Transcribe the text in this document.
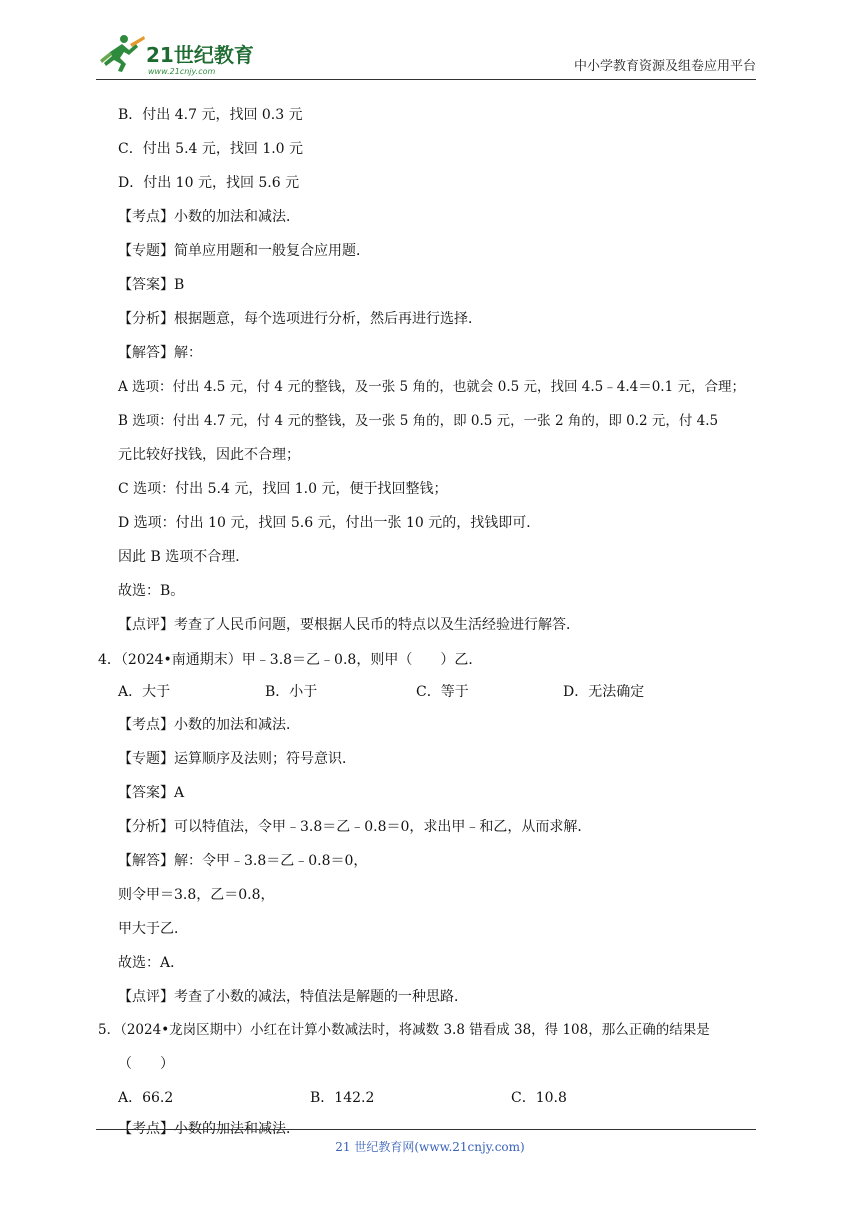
21世纪教育
www.21cnjy.com	中小学教育资源及组卷应用平台
B．付出 4.7 元，找回 0.3 元
C．付出 5.4 元，找回 1.0 元
D．付出 10 元，找回 5.6 元
【考点】小数的加法和减法．
【专题】简单应用题和一般复合应用题．
【答案】B
【分析】根据题意，每个选项进行分析，然后再进行选择．
【解答】解：
A 选项：付出 4.5 元，付 4 元的整钱，及一张 5 角的，也就会 0.5 元，找回 4.5﹣4.4＝0.1 元，合理；
B 选项：付出 4.7 元，付 4 元的整钱，及一张 5 角的，即 0.5 元，一张 2 角的，即 0.2 元，付 4.5
元比较好找钱，因此不合理；
C 选项：付出 5.4 元，找回 1.0 元，便于找回整钱；
D 选项：付出 10 元，找回 5.6 元，付出一张 10 元的，找钱即可．
因此 B 选项不合理．
故选：B。
【点评】考查了人民币问题，要根据人民币的特点以及生活经验进行解答．
4．（2024•南通期末）甲﹣3.8＝乙﹣0.8，则甲（　　）乙．
A．大于	B．小于	C．等于	D．无法确定
【考点】小数的加法和减法．
【专题】运算顺序及法则；符号意识．
【答案】A
【分析】可以特值法，令甲﹣3.8＝乙﹣0.8＝0，求出甲﹣和乙，从而求解．
【解答】解：令甲﹣3.8＝乙﹣0.8＝0，
则令甲＝3.8，乙＝0.8，
甲大于乙．
故选：A．
【点评】考查了小数的减法，特值法是解题的一种思路．
5．（2024•龙岗区期中）小红在计算小数减法时，将减数 3.8 错看成 38，得 108，那么正确的结果是
（　　）
A．66.2	B．142.2	C．10.8
【考点】小数的加法和减法．
21 世纪教育网(www.21cnjy.com)
